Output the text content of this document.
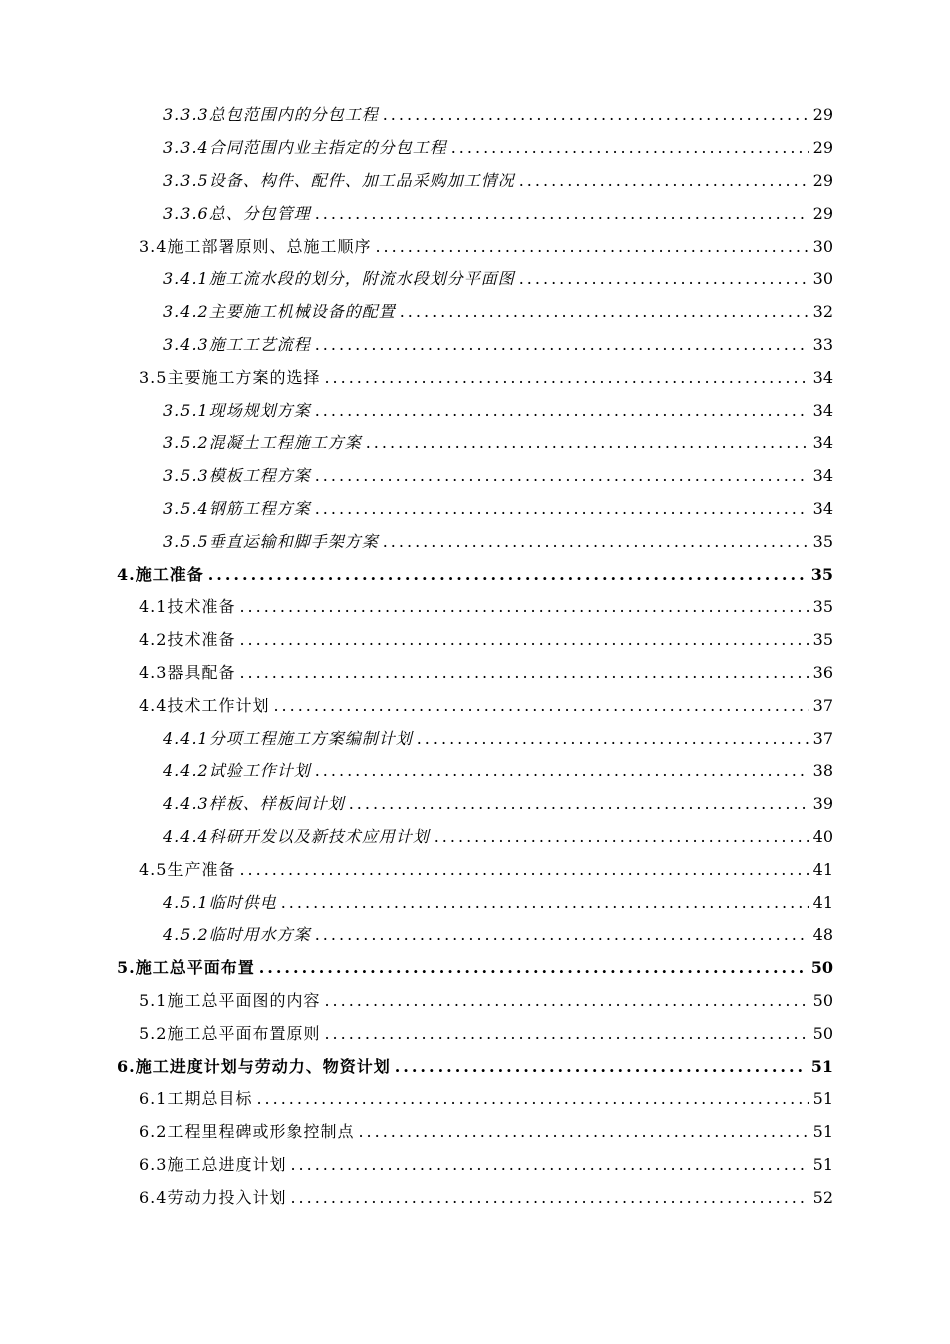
3.3.3总包范围内的分包工程 .....	29
3.3.4合同范围内业主指定的分包工程 .....	29
3.3.5设备、构件、配件、加工品采购加工情况 .....	29
3.3.6总、分包管理 .....	29
3.4施工部署原则、总施工顺序 .....	30
3.4.1施工流水段的划分，附流水段划分平面图 .....	30
3.4.2主要施工机械设备的配置 .....	32
3.4.3施工工艺流程 .....	33
3.5主要施工方案的选择 .....	34
3.5.1现场规划方案 .....	34
3.5.2混凝土工程施工方案 .....	34
3.5.3模板工程方案 .....	34
3.5.4钢筋工程方案 .....	34
3.5.5垂直运输和脚手架方案 .....	35
4.施工准备 .....	35
4.1技术准备 .....	35
4.2技术准备 .....	35
4.3器具配备 .....	36
4.4技术工作计划 .....	37
4.4.1分项工程施工方案编制计划 .....	37
4.4.2试验工作计划 .....	38
4.4.3样板、样板间计划 .....	39
4.4.4科研开发以及新技术应用计划 .....	40
4.5生产准备 .....	41
4.5.1临时供电 .....	41
4.5.2临时用水方案 .....	48
5.施工总平面布置 .....	50
5.1施工总平面图的内容 .....	50
5.2施工总平面布置原则 .....	50
6.施工进度计划与劳动力、物资计划 .....	51
6.1工期总目标 .....	51
6.2工程里程碑或形象控制点 .....	51
6.3施工总进度计划 .....	51
6.4劳动力投入计划 .....	52
